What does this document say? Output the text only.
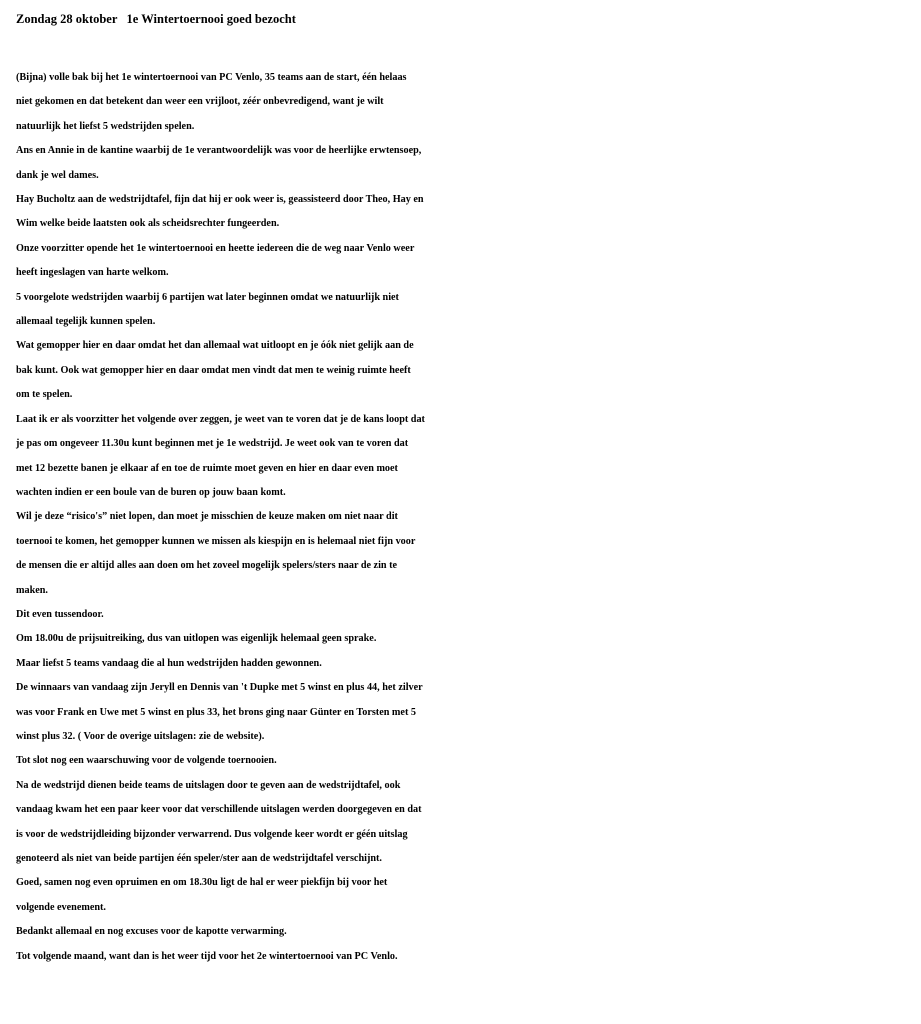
Zondag 28 oktober   1e Wintertoernooi goed bezocht
(Bijna) volle bak bij het 1e wintertoernooi van PC Venlo, 35 teams aan de start, één helaas
niet gekomen en dat betekent dan weer een vrijloot, zéér onbevredigend, want je wilt
natuurlijk het liefst 5 wedstrijden spelen.
Ans en Annie in de kantine waarbij de 1e verantwoordelijk was voor de heerlijke erwtensoep,
dank je wel dames.
Hay Bucholtz aan de wedstrijdtafel, fijn dat hij er ook weer is, geassisteerd door Theo, Hay en
Wim welke beide laatsten ook als scheidsrechter fungeerden.
Onze voorzitter opende het 1e wintertoernooi en heette iedereen die de weg naar Venlo weer
heeft ingeslagen van harte welkom.
5 voorgelote wedstrijden waarbij 6 partijen wat later beginnen omdat we natuurlijk niet
allemaal tegelijk kunnen spelen.
Wat gemopper hier en daar omdat het dan allemaal wat uitloopt en je óók niet gelijk aan de
bak kunt. Ook wat gemopper hier en daar omdat men vindt dat men te weinig ruimte heeft
om te spelen.
Laat ik er als voorzitter het volgende over zeggen, je weet van te voren dat je de kans loopt dat
je pas om ongeveer 11.30u kunt beginnen met je 1e wedstrijd. Je weet ook van te voren dat
met 12 bezette banen je elkaar af en toe de ruimte moet geven en hier en daar even moet
wachten indien er een boule van de buren op jouw baan komt.
Wil je deze “risico's” niet lopen, dan moet je misschien de keuze maken om niet naar dit
toernooi te komen, het gemopper kunnen we missen als kiespijn en is helemaal niet fijn voor
de mensen die er altijd alles aan doen om het zoveel mogelijk spelers/sters naar de zin te
maken.
Dit even tussendoor.
Om 18.00u de prijsuitreiking, dus van uitlopen was eigenlijk helemaal geen sprake.
Maar liefst 5 teams vandaag die al hun wedstrijden hadden gewonnen.
De winnaars van vandaag zijn Jeryll en Dennis van 't Dupke met 5 winst en plus 44, het zilver
was voor Frank en Uwe met 5 winst en plus 33, het brons ging naar Günter en Torsten met 5
winst plus 32. ( Voor de overige uitslagen: zie de website).
Tot slot nog een waarschuwing voor de volgende toernooien.
Na de wedstrijd dienen beide teams de uitslagen door te geven aan de wedstrijdtafel, ook
vandaag kwam het een paar keer voor dat verschillende uitslagen werden doorgegeven en dat
is voor de wedstrijdleiding bijzonder verwarrend. Dus volgende keer wordt er géén uitslag
genoteerd als niet van beide partijen één speler/ster aan de wedstrijdtafel verschijnt.
Goed, samen nog even opruimen en om 18.30u ligt de hal er weer piekfijn bij voor het
volgende evenement.
Bedankt allemaal en nog excuses voor de kapotte verwarming.
Tot volgende maand, want dan is het weer tijd voor het 2e wintertoernooi van PC Venlo.
